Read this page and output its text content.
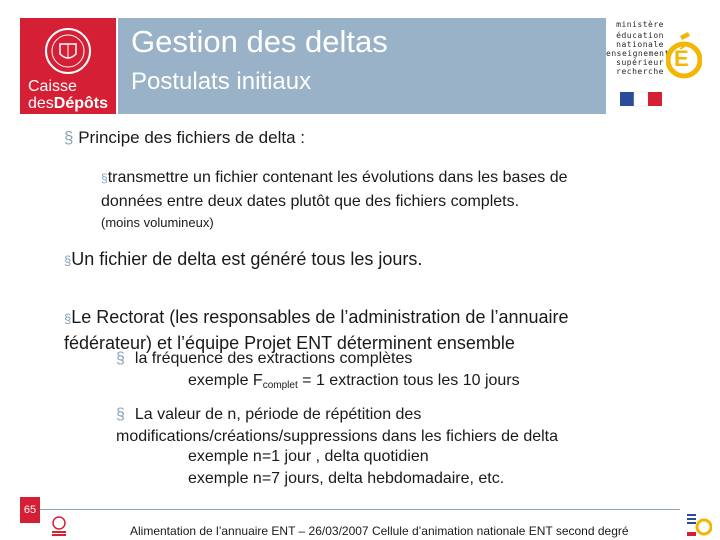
Caisse
desDépôts
Gestion des deltas
Postulats initiaux
ministère
éducation
nationale
enseignement
supérieur
recherche
É
§ Principe des fichiers de delta :
§transmettre un fichier contenant les évolutions dans les bases de
données entre deux dates plutôt que des fichiers complets.
(moins volumineux)
§Un fichier de delta est généré tous les jours.
§Le Rectorat (les responsables de l’administration de l’annuaire
fédérateur) et l’équipe Projet ENT déterminent ensemble
§ la fréquence des extractions complètes
exemple $F_{complet} = 1$ extraction tous les 10 jours
§ La valeur de n, période de répétition des
modifications/créations/suppressions dans les fichiers de delta
exemple n=1 jour , delta quotidien
exemple n=7 jours, delta hebdomadaire, etc.
65
Alimentation de l’annuaire ENT – 26/03/2007 Cellule d’animation nationale ENT second degré
